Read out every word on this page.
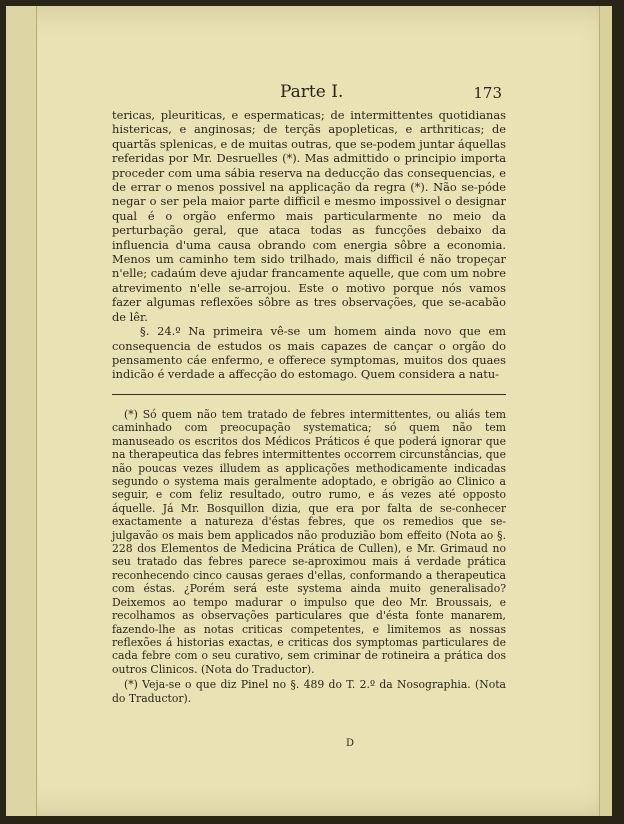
Parte I.	173

tericas, pleuriticas, e espermaticas; de intermittentes quotidianas histericas, e anginosas; de terçãs apopleticas, e arthriticas; de quartãs splenicas, e de muitas outras, que se-podem juntar áquellas referidas por Mr. Desruelles (*). Mas admittido o principio importa proceder com uma sábia reserva na deducção das consequencias, e de errar o menos possivel na applicação da regra (*). Não se-póde negar o ser pela maior parte difficil e mesmo impossivel o designar qual é o orgão enfermo mais particularmente no meio da perturbação geral, que ataca todas as funcções debaixo da influencia d'uma causa obrando com energia sôbre a economia. Menos um caminho tem sido trilhado, mais difficil é não tropeçar n'elle; cadaúm deve ajudar francamente aquelle, que com um nobre atrevimento n'elle se-arrojou. Este o motivo porque nós vamos fazer algumas reflexões sôbre as tres observações, que se-acabão de lêr.

§. 24.º Na primeira vê-se um homem ainda novo que em consequencia de estudos os mais capazes de cançar o orgão do pensamento cáe enfermo, e offerece symptomas, muitos dos quaes indicão é verdade a affecção do estomago. Quem considera a natu-

(*) Só quem não tem tratado de febres intermittentes, ou aliás tem caminhado com preocupação systematica; só quem não tem manuseado os escritos dos Médicos Práticos é que poderá ignorar que na therapeutica das febres intermittentes occorrem circunstâncias, que não poucas vezes illudem as applicações methodicamente indicadas segundo o systema mais geralmente adoptado, e obrigão ao Clinico a seguir, e com feliz resultado, outro rumo, e ás vezes até opposto áquelle. Já Mr. Bosquillon dizia, que era por falta de se-conhecer exactamente a natureza d'éstas febres, que os remedios que se-julgavão os mais bem applicados não produzião bom effeito (Nota ao §. 228 dos Elementos de Medicina Prática de Cullen), e Mr. Grimaud no seu tratado das febres parece se-aproximou mais á verdade prática reconhecendo cinco causas geraes d'ellas, conformando a therapeutica com éstas. ¿Porém será este systema ainda muito generalisado? Deixemos ao tempo madurar o impulso que deo Mr. Broussais, e recolhamos as observações particulares que d'ésta fonte manarem, fazendo-lhe as notas criticas competentes, e limitemos as nossas reflexões á historias exactas, e criticas dos symptomas particulares de cada febre com o seu curativo, sem criminar de rotineira a prática dos outros Clinicos. (Nota do Traductor).

(*) Veja-se o que diz Pinel no §. 489 do T. 2.º da Nosographia. (Nota do Traductor).

D
